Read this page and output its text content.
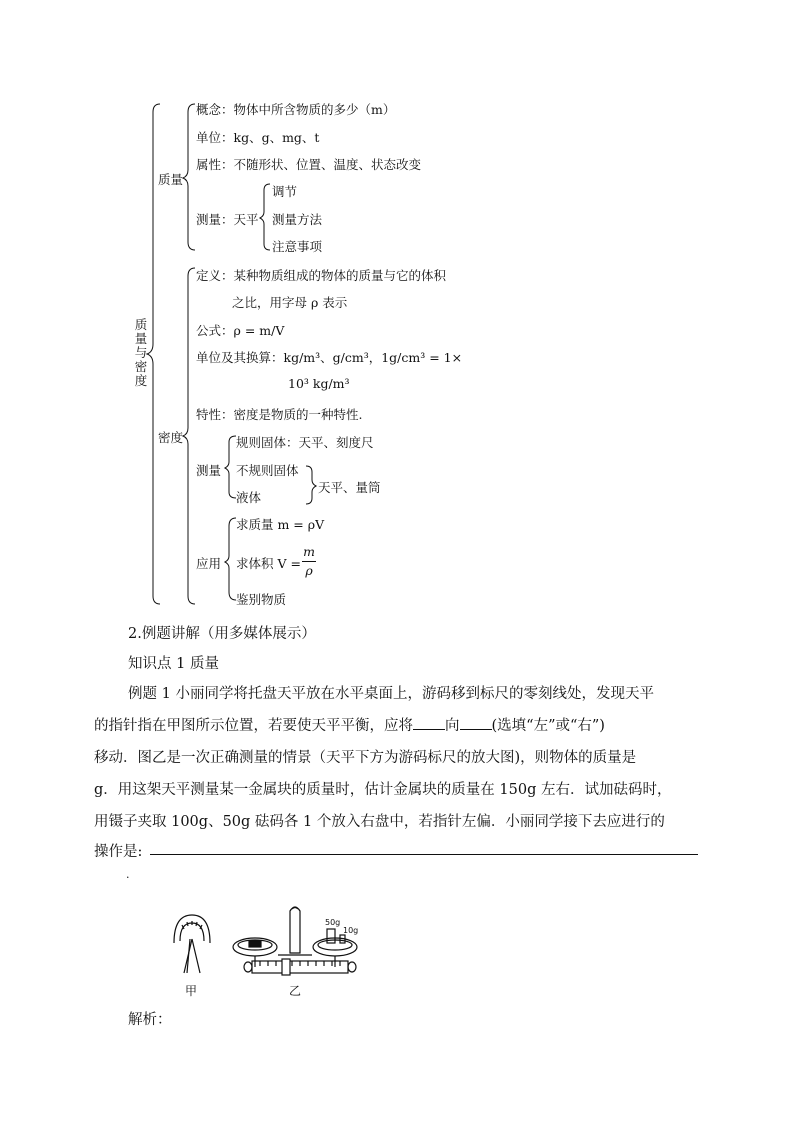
质量与密度
质量
概念：物体中所含物质的多少（m）
单位：kg、g、mg、t
属性：不随形状、位置、温度、状态改变
测量：天平
调节
测量方法
注意事项
密度
定义：某种物质组成的物体的质量与它的体积
之比，用字母 ρ 表示
公式：ρ = m/V
单位及其换算：kg/m³、g/cm³，1g/cm³ = 1×
10³ kg/m³
特性：密度是物质的一种特性.
测量
规则固体：天平、刻度尺
不规则固体
液体
天平、量筒
应用
求质量 m = ρV
求体积 V =
m
ρ
鉴别物质
2.例题讲解（用多媒体展示）
知识点 1 质量
例题 1 小丽同学将托盘天平放在水平桌面上，游码移到标尺的零刻线处，发现天平
的指针指在甲图所示位置，若要使天平平衡，应将 向 (选填“左”或“右”)
移动．图乙是一次正确测量的情景（天平下方为游码标尺的放大图)，则物体的质量是
g．用这架天平测量某一金属块的质量时，估计金属块的质量在 150g 左右．试加砝码时，
用镊子夹取 100g、50g 砝码各 1 个放入右盘中，若指针左偏．小丽同学接下去应进行的
操作是:
.
50g
10g
甲	乙
解析：
